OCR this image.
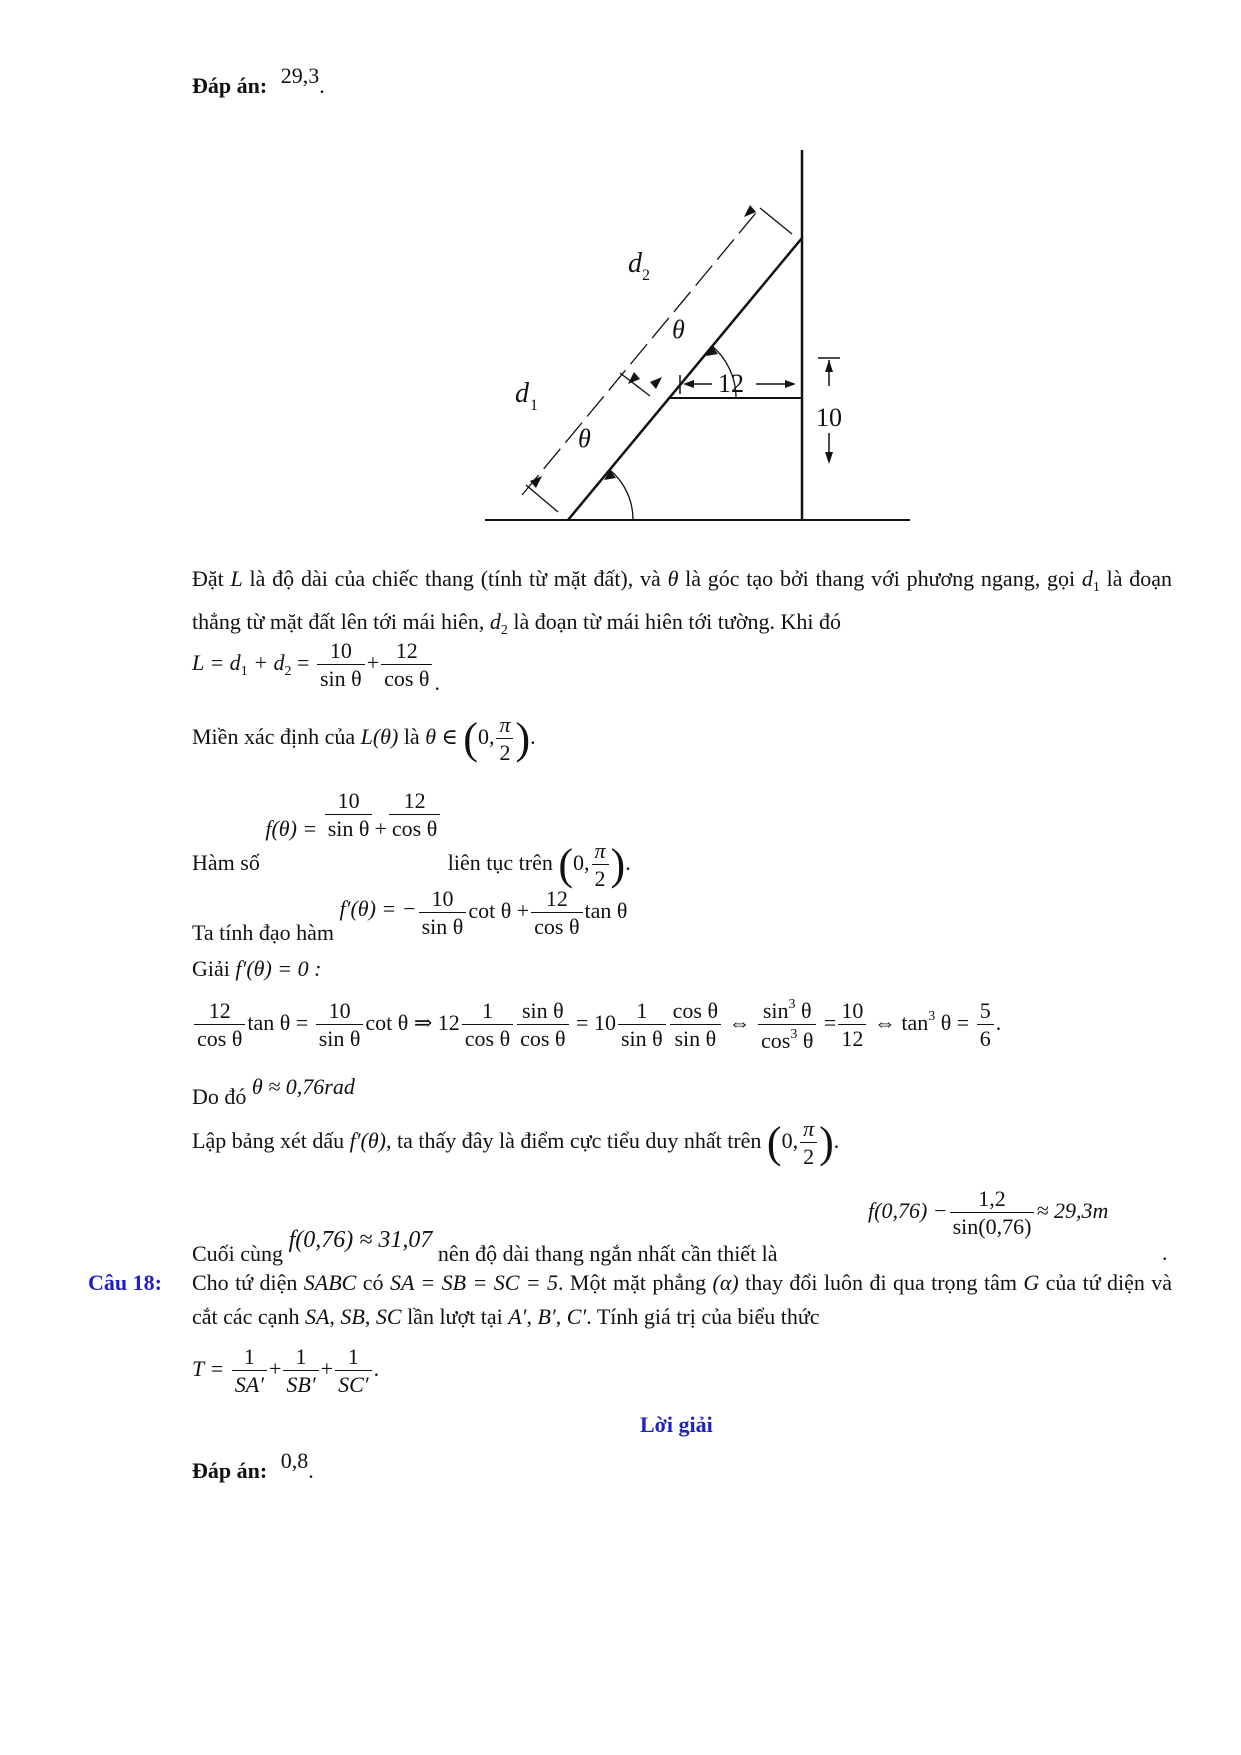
Đáp án: 29,3.
d 2
θ
d 1
θ
12
10
Đặt L là độ dài của chiếc thang (tính từ mặt đất), và θ là góc tạo bởi thang với phương ngang, gọi $d_1$ là đoạn thẳng từ mặt đất lên tới mái hiên, $d_2$ là đoạn từ mái hiên tới tường. Khi đó
$L = d_1 + d_2 = \frac{10}{\text{sin θ}} + \frac{12}{\text{cos θ}}$ .
Miền xác định của L(θ) là θ ∈ (0, $\frac{\pi}{2}$ ).
Hàm số $f(\theta) = \frac{10}{\text{sin θ}} + \frac{12}{\text{cos θ}}$
liên tục trên (0, $\frac{\pi}{2}$ ).
Ta tính đạo hàm f′(θ) = − $\frac{10}{\text{sin θ}}$ $\cot \theta + \frac{12}{\text{cos θ}}$ tan θ
Giải f′(θ) = 0 :
$\frac{12}{\text{cos θ}}$ $\tan \theta = \frac{10}{\text{sin θ}}$ cot θ ⇒ $12 \frac{1}{\text{cos θ}} \frac{\text{sin θ}}{\text{cos θ}} = 10 \frac{1}{\text{sin θ}} \frac{\text{cos θ}}{\text{sin θ}}$ ⇔ $\frac{\sin^3 \theta}{\cos^3 \theta} = \frac{10}{12}$ ⇔ $\tan^3 \theta = \frac{5}{6}$ .
Do đó θ ≈ 0,76rad
Lập bảng xét dấu f′(θ), ta thấy đây là điểm cực tiểu duy nhất trên (0, $\frac{\pi}{2}$ ).
Cuối cùng f(0,76) ≈ 31,07 nên độ dài thang ngắn nhất cần thiết là
$f(0,76) - \frac{1,2}{\sin(0,76)} \approx 29,3m$
.
Câu 18: Cho tứ diện SABC có SA = SB = SC = 5. Một mặt phẳng (α) thay đổi luôn đi qua trọng tâm G của tứ diện và cắt các cạnh SA, SB, SC lần lượt tại A′, B′, C′. Tính giá trị của biểu thức
$T = \frac{1}{SA'} + \frac{1}{SB'} + \frac{1}{SC'}$ .
Lời giải
Đáp án: 0,8.
